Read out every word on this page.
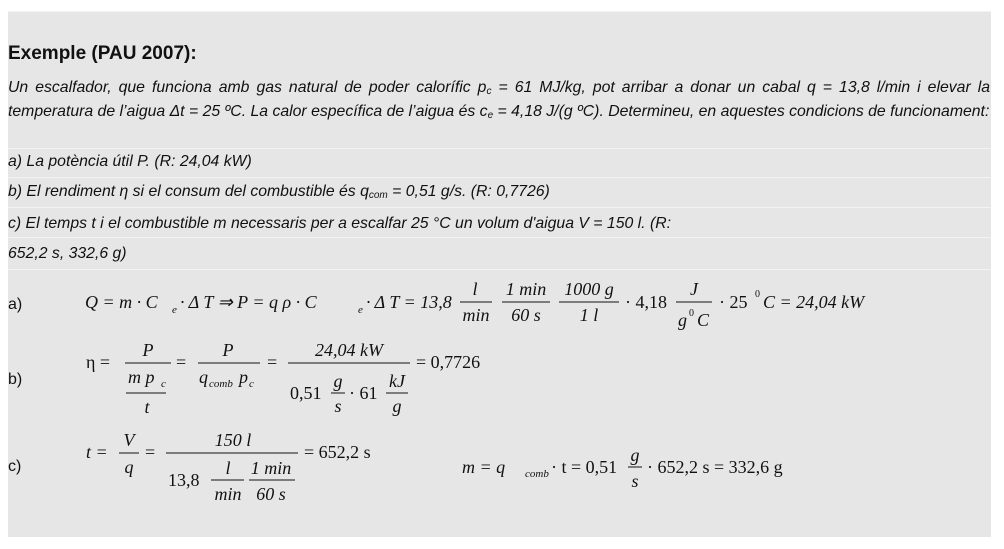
Exemple (PAU 2007):
Un escalfador, que funciona amb gas natural de poder calorífic $p_c = 61$ MJ/kg, pot arribar a donar un cabal q = 13,8 l/min i elevar la temperatura de l’aigua Δt = 25 ºC. La calor específica de l’aigua és $c_e = 4,18$ J/(g ºC). Determineu, en aquestes condicions de funcionament:
a) La potència útil P. (R: 24,04 kW)
b) El rendiment η si el consum del combustible és $q_{com} = 0,51$ g/s. (R: 0,7726)
c) El temps t i el combustible m necessaris per a escalfar 25 °C un volum d'aigua V = 150 l. (R:
652,2 s, 332,6 g)
a)
b)
c)
Q = m · C e · Δ T ⇒ P = q ρ · C	e · Δ T = 13,8
l
min
1 min
60 s
1000 g
1 l
· 4,18
J
g 0 C
· 25 0 C = 24,04 kW
η =
P
m p c
t
=
P
q comb p c
=
24,04 kW
0,51
g
s
· 61
kJ
g
= 0,7726
t =
V
q
=
150 l
13,8
l
min
1 min
60 s
= 652,2 s
m = q comb · t = 0,51
g
s
· 652,2 s = 332,6 g
